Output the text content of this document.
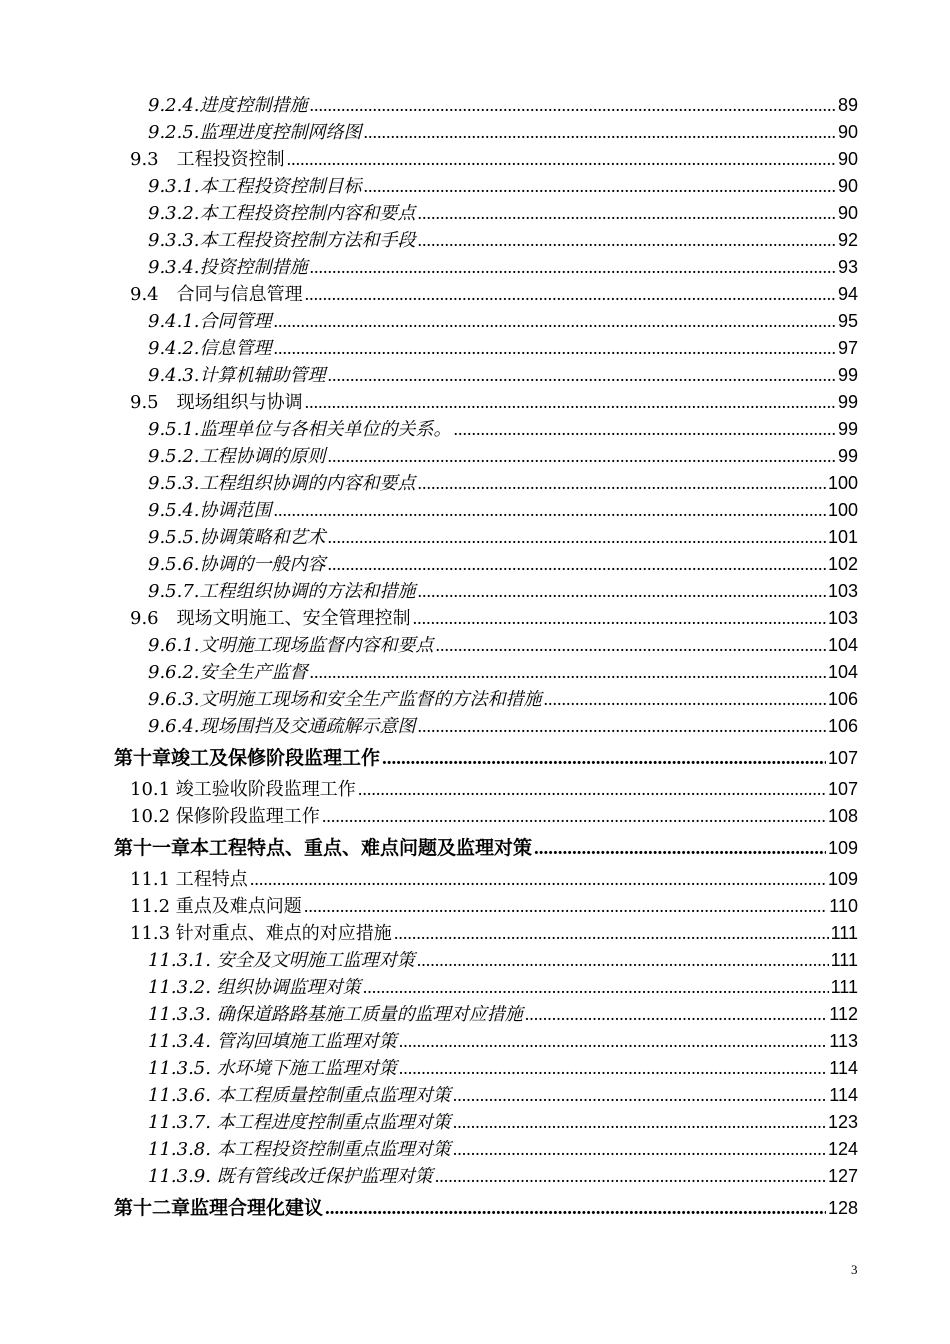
9.2.4.进度控制措施 .....	89
9.2.5.监理进度控制网络图 .....	90
9.3　工程投资控制 .....	90
9.3.1.本工程投资控制目标 .....	90
9.3.2.本工程投资控制内容和要点 .....	90
9.3.3.本工程投资控制方法和手段 .....	92
9.3.4.投资控制措施 .....	93
9.4　合同与信息管理 .....	94
9.4.1.合同管理 .....	95
9.4.2.信息管理 .....	97
9.4.3.计算机辅助管理 .....	99
9.5　现场组织与协调 .....	99
9.5.1.监理单位与各相关单位的关系。 .....	99
9.5.2.工程协调的原则 .....	99
9.5.3.工程组织协调的内容和要点 .....	100
9.5.4.协调范围 .....	100
9.5.5.协调策略和艺术 .....	101
9.5.6.协调的一般内容 .....	102
9.5.7.工程组织协调的方法和措施 .....	103
9.6　现场文明施工、安全管理控制 .....	103
9.6.1.文明施工现场监督内容和要点 .....	104
9.6.2.安全生产监督 .....	104
9.6.3.文明施工现场和安全生产监督的方法和措施 .....	106
9.6.4.现场围挡及交通疏解示意图 .....	106
第十章竣工及保修阶段监理工作 .....	107
10.1 竣工验收阶段监理工作 .....	107
10.2 保修阶段监理工作 .....	108
第十一章本工程特点、重点、难点问题及监理对策 .....	109
11.1 工程特点 .....	109
11.2 重点及难点问题 .....	110
11.3 针对重点、难点的对应措施 .....	111
11.3.1. 安全及文明施工监理对策 .....	111
11.3.2. 组织协调监理对策 .....	111
11.3.3. 确保道路路基施工质量的监理对应措施 .....	112
11.3.4. 管沟回填施工监理对策 .....	113
11.3.5. 水环境下施工监理对策 .....	114
11.3.6. 本工程质量控制重点监理对策 .....	114
11.3.7. 本工程进度控制重点监理对策 .....	123
11.3.8. 本工程投资控制重点监理对策 .....	124
11.3.9. 既有管线改迁保护监理对策 .....	127
第十二章监理合理化建议 .....	128
3
